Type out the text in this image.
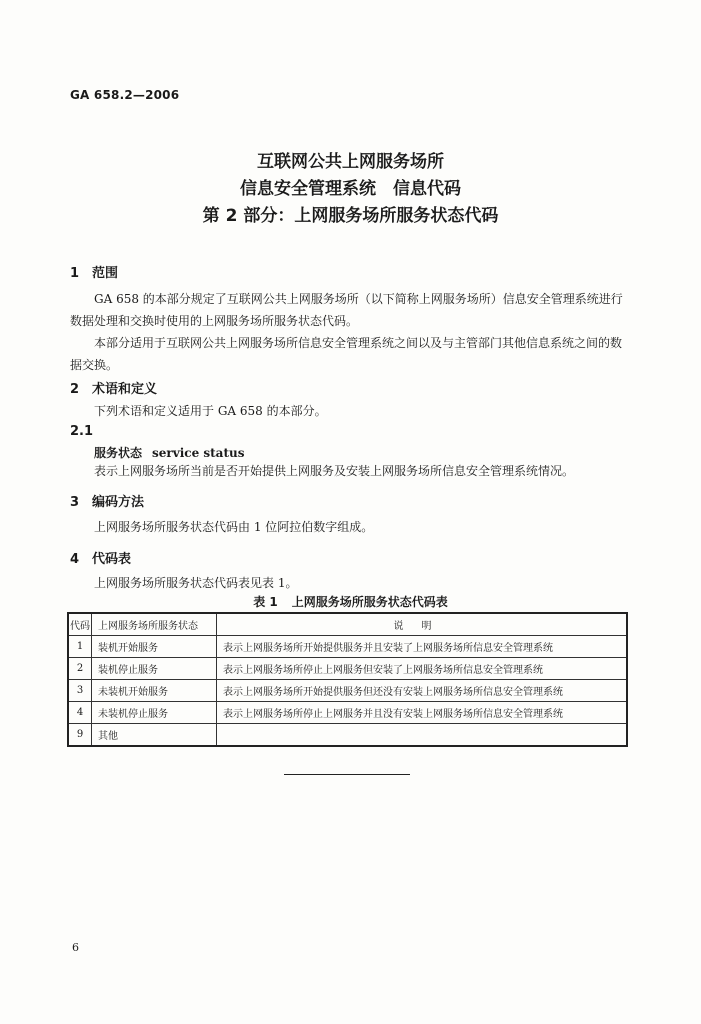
GA 658.2—2006
互联网公共上网服务场所
信息安全管理系统　信息代码
第 2 部分：上网服务场所服务状态代码
1 范围

GA 658 的本部分规定了互联网公共上网服务场所（以下简称上网服务场所）信息安全管理系统进行数据处理和交换时使用的上网服务场所服务状态代码。

本部分适用于互联网公共上网服务场所信息安全管理系统之间以及与主管部门其他信息系统之间的数据交换。

2 术语和定义
下列术语和定义适用于 GA 658 的本部分。
2.1
服务状态 service status
表示上网服务场所当前是否开始提供上网服务及安装上网服务场所信息安全管理系统情况。
3 编码方法
上网服务场所服务状态代码由 1 位阿拉伯数字组成。
4 代码表
上网服务场所服务状态代码表见表 1。
表 1 上网服务场所服务状态代码表
代码	上网服务场所服务状态	说明
1	装机开始服务	表示上网服务场所开始提供服务并且安装了上网服务场所信息安全管理系统
2	装机停止服务	表示上网服务场所停止上网服务但安装了上网服务场所信息安全管理系统
3	未装机开始服务	表示上网服务场所开始提供服务但还没有安装上网服务场所信息安全管理系统
4	未装机停止服务	表示上网服务场所停止上网服务并且没有安装上网服务场所信息安全管理系统
9	其他	
6
